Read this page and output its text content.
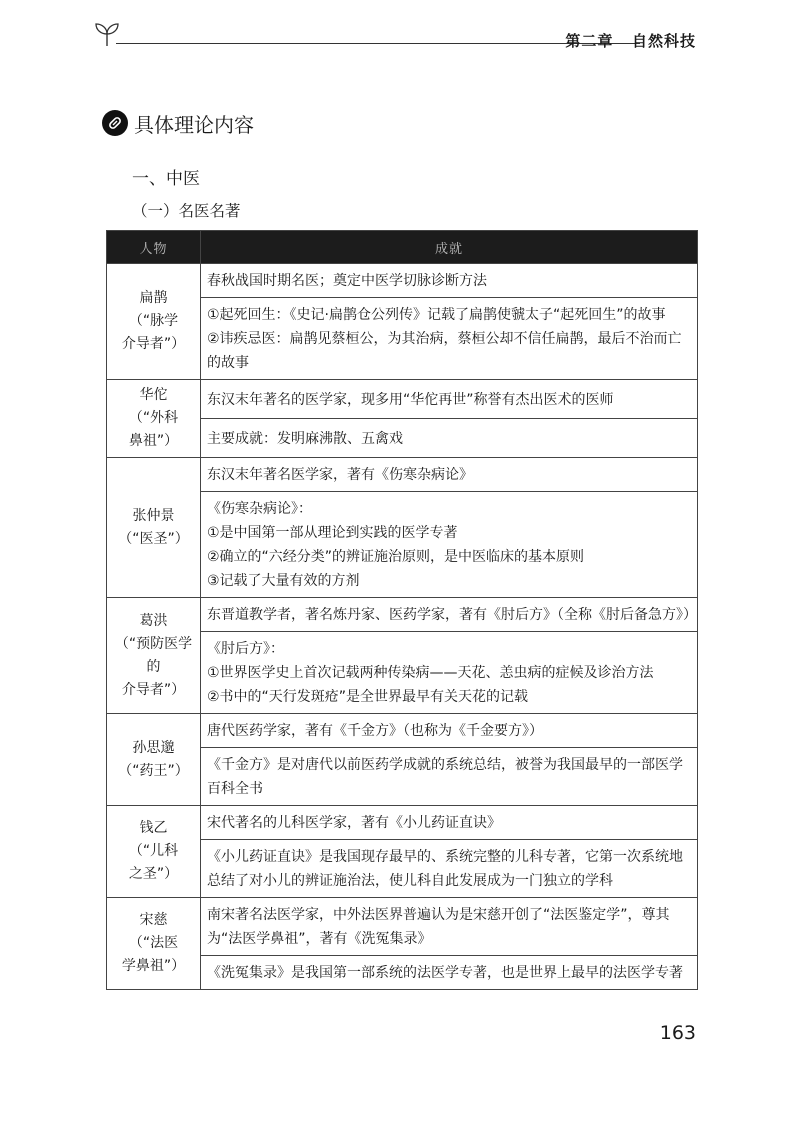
第二章   自然科技
具体理论内容
一、中医
（一）名医名著
人物	成就
扁鹊
（“脉学
介导者”）	春秋战国时期名医；奠定中医学切脉诊断方法
	①起死回生：《史记·扁鹊仓公列传》记载了扁鹊使虢太子“起死回生”的故事
②讳疾忌医：扁鹊见蔡桓公，为其治病，蔡桓公却不信任扁鹊，最后不治而亡的故事
华佗
（“外科
鼻祖”）	东汉末年著名的医学家，现多用“华佗再世”称誉有杰出医术的医师
	主要成就：发明麻沸散、五禽戏
张仲景
（“医圣”）	东汉末年著名医学家，著有《伤寒杂病论》
	《伤寒杂病论》：
①是中国第一部从理论到实践的医学专著
②确立的“六经分类”的辨证施治原则，是中医临床的基本原则
③记载了大量有效的方剂
葛洪
（“预防医学的
介导者”）	东晋道教学者，著名炼丹家、医药学家，著有《肘后方》（全称《肘后备急方》）
	《肘后方》：
①世界医学史上首次记载两种传染病——天花、恙虫病的症候及诊治方法
②书中的“天行发斑疮”是全世界最早有关天花的记载
孙思邈
（“药王”）	唐代医药学家，著有《千金方》（也称为《千金要方》）
	《千金方》是对唐代以前医药学成就的系统总结，被誉为我国最早的一部医学百科全书
钱乙
（“儿科
之圣”）	宋代著名的儿科医学家，著有《小儿药证直诀》
	《小儿药证直诀》是我国现存最早的、系统完整的儿科专著，它第一次系统地总结了对小儿的辨证施治法，使儿科自此发展成为一门独立的学科
宋慈
（“法医
学鼻祖”）	南宋著名法医学家，中外法医界普遍认为是宋慈开创了“法医鉴定学”，尊其为“法医学鼻祖”，著有《洗冤集录》
	《洗冤集录》是我国第一部系统的法医学专著，也是世界上最早的法医学专著
163
